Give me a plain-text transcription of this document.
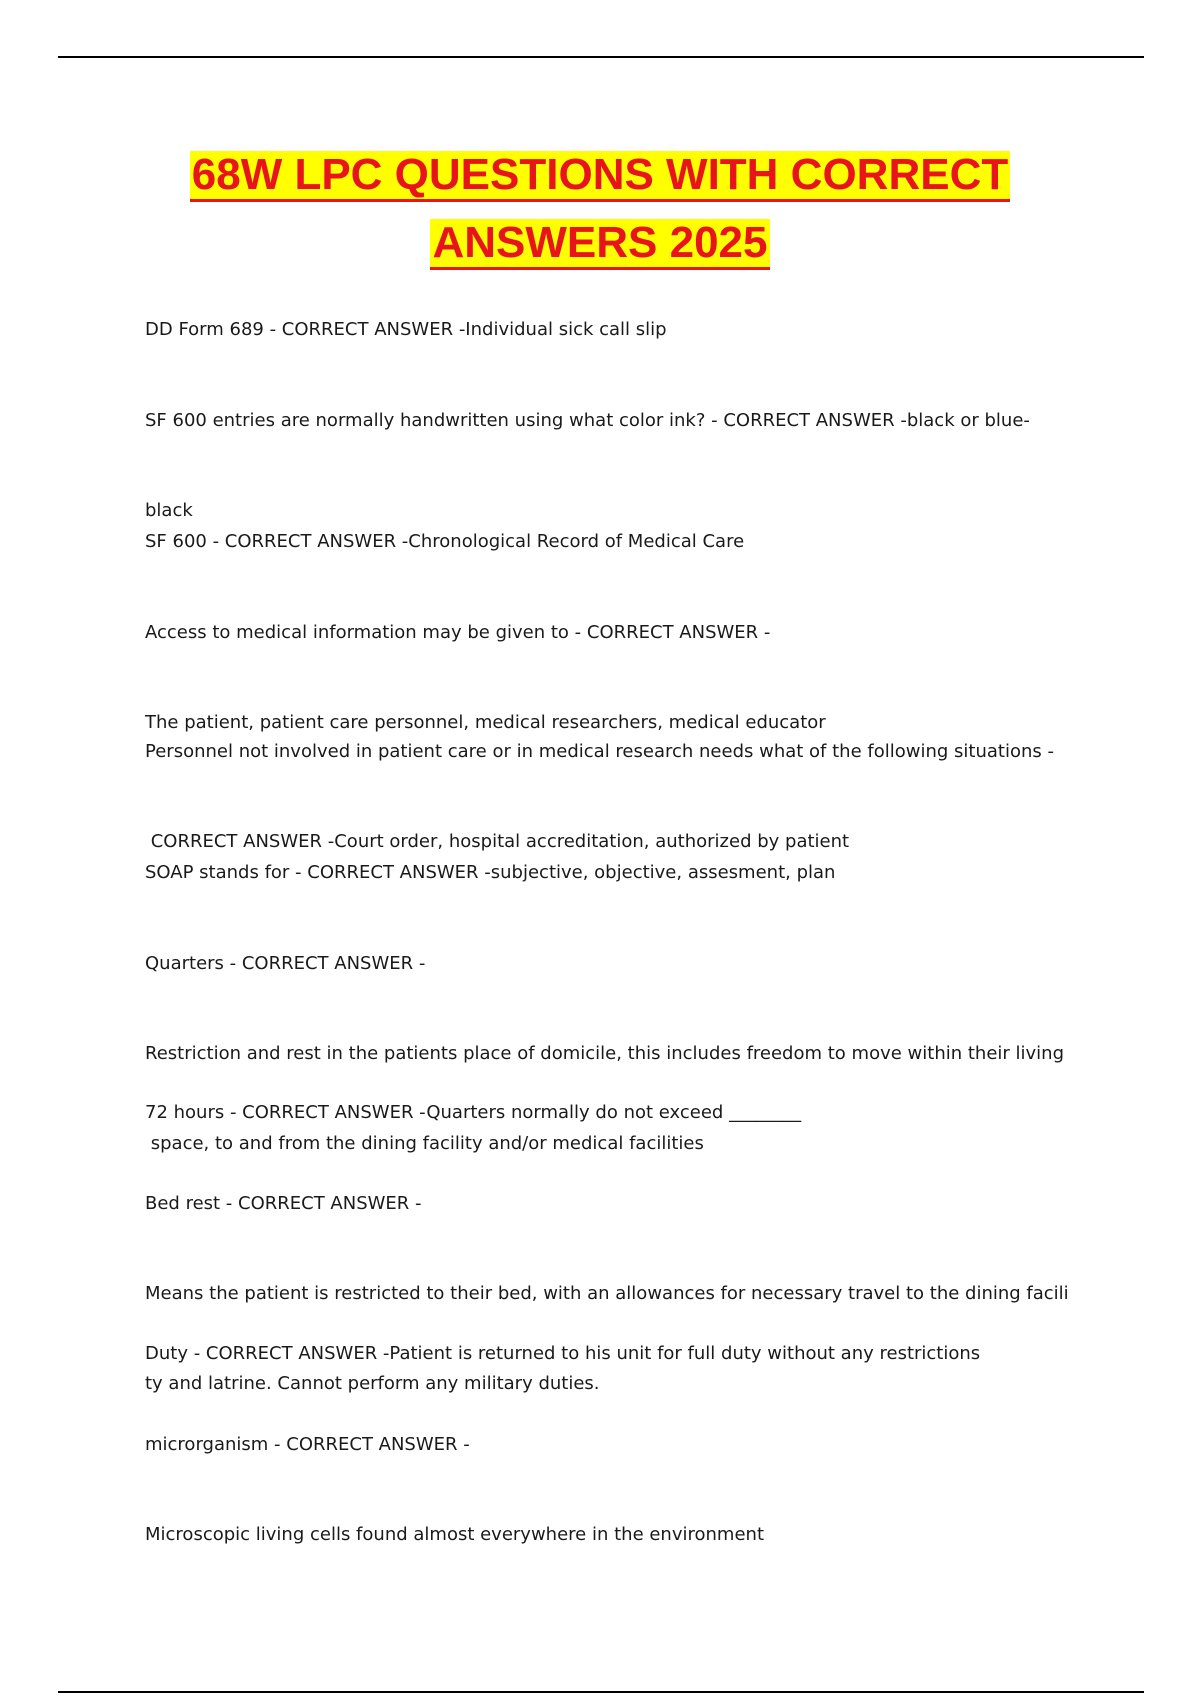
68W LPC QUESTIONS WITH CORRECT
ANSWERS 2025

DD Form 689 - CORRECT ANSWER -Individual sick call slip

SF 600 entries are normally handwritten using what color ink? - CORRECT ANSWER -black or blue-

black

SF 600 - CORRECT ANSWER -Chronological Record of Medical Care

Access to medical information may be given to - CORRECT ANSWER -

The patient, patient care personnel, medical researchers, medical educator

Personnel not involved in patient care or in medical research needs what of the following situations -

CORRECT ANSWER -Court order, hospital accreditation, authorized by patient

SOAP stands for - CORRECT ANSWER -subjective, objective, assesment, plan

Quarters - CORRECT ANSWER -

Restriction and rest in the patients place of domicile, this includes freedom to move within their living

space, to and from the dining facility and/or medical facilities

72 hours - CORRECT ANSWER -Quarters normally do not exceed ________

Bed rest - CORRECT ANSWER -

Means the patient is restricted to their bed, with an allowances for necessary travel to the dining facili

ty and latrine. Cannot perform any military duties.

Duty - CORRECT ANSWER -Patient is returned to his unit for full duty without any restrictions

microrganism - CORRECT ANSWER -

Microscopic living cells found almost everywhere in the environment
